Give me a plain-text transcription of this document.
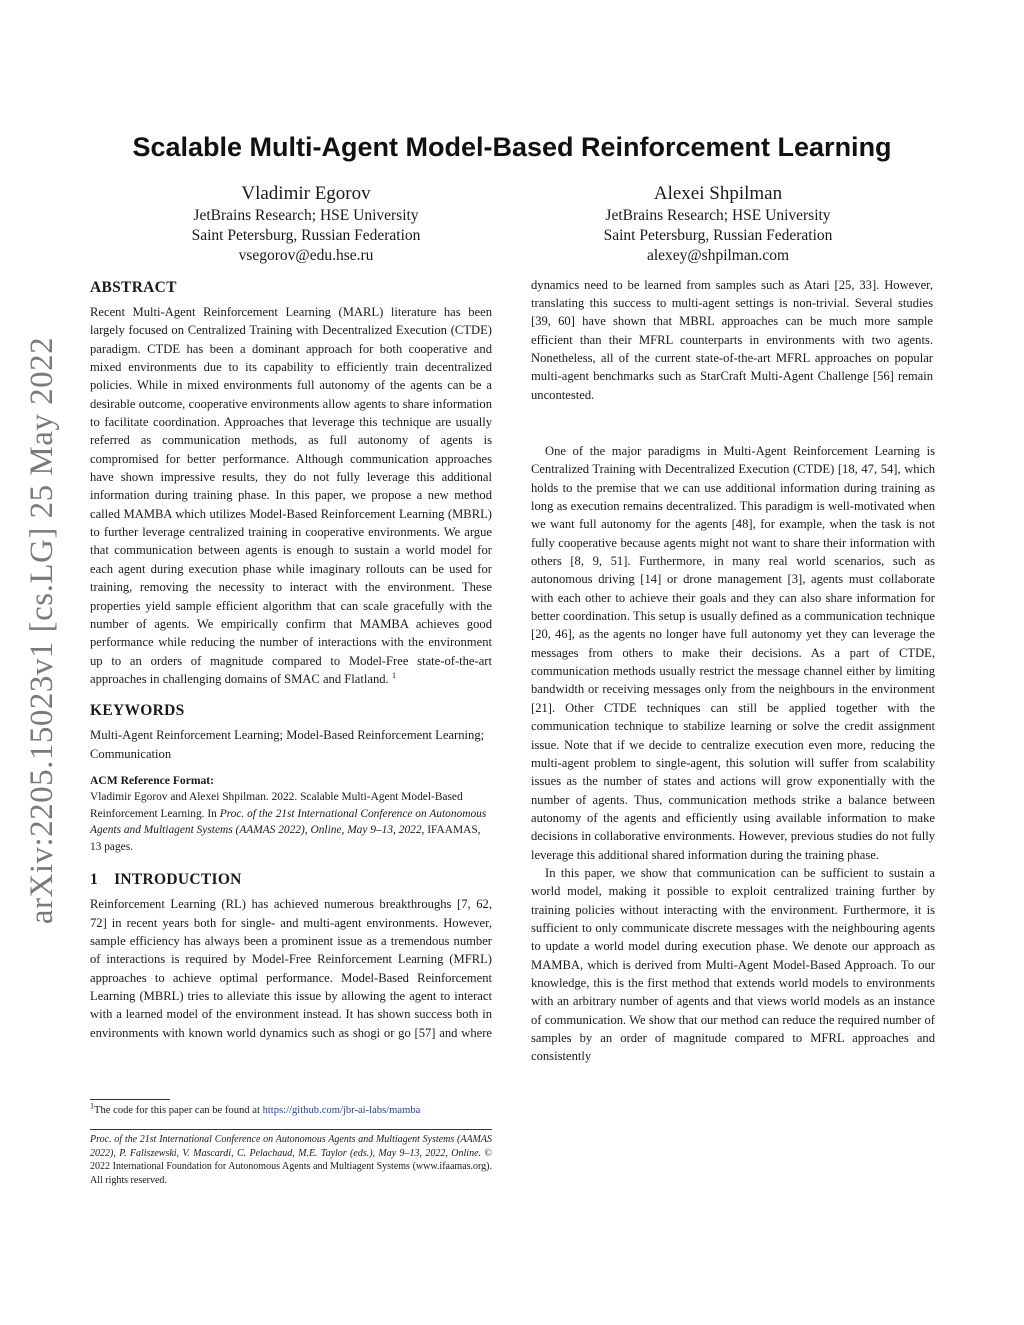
arXiv:2205.15023v1 [cs.LG] 25 May 2022
Scalable Multi-Agent Model-Based Reinforcement Learning
Vladimir Egorov
JetBrains Research; HSE University
Saint Petersburg, Russian Federation
vsegorov@edu.hse.ru
Alexei Shpilman
JetBrains Research; HSE University
Saint Petersburg, Russian Federation
alexey@shpilman.com
ABSTRACT

Recent Multi-Agent Reinforcement Learning (MARL) literature has been largely focused on Centralized Training with Decentralized Execution (CTDE) paradigm. CTDE has been a dominant approach for both cooperative and mixed environments due to its capability to efficiently train decentralized policies. While in mixed environments full autonomy of the agents can be a desirable outcome, cooperative environments allow agents to share information to facilitate coordination. Approaches that leverage this technique are usually referred as communication methods, as full autonomy of agents is compromised for better performance. Although communication approaches have shown impressive results, they do not fully leverage this additional information during training phase. In this paper, we propose a new method called MAMBA which utilizes Model-Based Reinforcement Learning (MBRL) to further leverage centralized training in cooperative environments. We argue that communication between agents is enough to sustain a world model for each agent during execution phase while imaginary rollouts can be used for training, removing the necessity to interact with the environment. These properties yield sample efficient algorithm that can scale gracefully with the number of agents. We empirically confirm that MAMBA achieves good performance while reducing the number of interactions with the environment up to an orders of magnitude compared to Model-Free state-of-the-art approaches in challenging domains of SMAC and Flatland. $^1$

KEYWORDS

Multi-Agent Reinforcement Learning; Model-Based Reinforcement Learning; Communication

ACM Reference Format:

Vladimir Egorov and Alexei Shpilman. 2022. Scalable Multi-Agent Model-Based Reinforcement Learning. In Proc. of the 21st International Conference on Autonomous Agents and Multiagent Systems (AAMAS 2022), Online, May 9–13, 2022, IFAAMAS, 13 pages.

1 INTRODUCTION

Reinforcement Learning (RL) has achieved numerous breakthroughs [7, 62, 72] in recent years both for single- and multi-agent environments. However, sample efficiency has always been a prominent issue as a tremendous number of interactions is required by Model-Free Reinforcement Learning (MFRL) approaches to achieve optimal performance. Model-Based Reinforcement Learning (MBRL) tries to alleviate this issue by allowing the agent to interact with a learned model of the environment instead. It has shown success both in environments with known world dynamics such as shogi or go [57] and where

$^1$The code for this paper can be found at https://github.com/jbr-ai-labs/mamba
Proc. of the 21st International Conference on Autonomous Agents and Multiagent Systems (AAMAS 2022), P. Faliszewski, V. Mascardi, C. Pelachaud, M.E. Taylor (eds.), May 9–13, 2022, Online. © 2022 International Foundation for Autonomous Agents and Multiagent Systems (www.ifaamas.org). All rights reserved.

dynamics need to be learned from samples such as Atari [25, 33]. However, translating this success to multi-agent settings is non-trivial. Several studies [39, 60] have shown that MBRL approaches can be much more sample efficient than their MFRL counterparts in environments with two agents. Nonetheless, all of the current state-of-the-art MFRL approaches on popular multi-agent benchmarks such as StarCraft Multi-Agent Challenge [56] remain uncontested.

One of the major paradigms in Multi-Agent Reinforcement Learning is Centralized Training with Decentralized Execution (CTDE) [18, 47, 54], which holds to the premise that we can use additional information during training as long as execution remains decentralized. This paradigm is well-motivated when we want full autonomy for the agents [48], for example, when the task is not fully cooperative because agents might not want to share their information with others [8, 9, 51]. Furthermore, in many real world scenarios, such as autonomous driving [14] or drone management [3], agents must collaborate with each other to achieve their goals and they can also share information for better coordination. This setup is usually defined as a communication technique [20, 46], as the agents no longer have full autonomy yet they can leverage the messages from others to make their decisions. As a part of CTDE, communication methods usually restrict the message channel either by limiting bandwidth or receiving messages only from the neighbours in the environment [21]. Other CTDE techniques can still be applied together with the communication technique to stabilize learning or solve the credit assignment issue. Note that if we decide to centralize execution even more, reducing the multi-agent problem to single-agent, this solution will suffer from scalability issues as the number of states and actions will grow exponentially with the number of agents. Thus, communication methods strike a balance between autonomy of the agents and efficiently using available information to make decisions in collaborative environments. However, previous studies do not fully leverage this additional shared information during the training phase.

In this paper, we show that communication can be sufficient to sustain a world model, making it possible to exploit centralized training further by training policies without interacting with the environment. Furthermore, it is sufficient to only communicate discrete messages with the neighbouring agents to update a world model during execution phase. We denote our approach as MAMBA, which is derived from Multi-Agent Model-Based Approach. To our knowledge, this is the first method that extends world models to environments with an arbitrary number of agents and that views world models as an instance of communication. We show that our method can reduce the required number of samples by an order of magnitude compared to MFRL approaches and consistently
